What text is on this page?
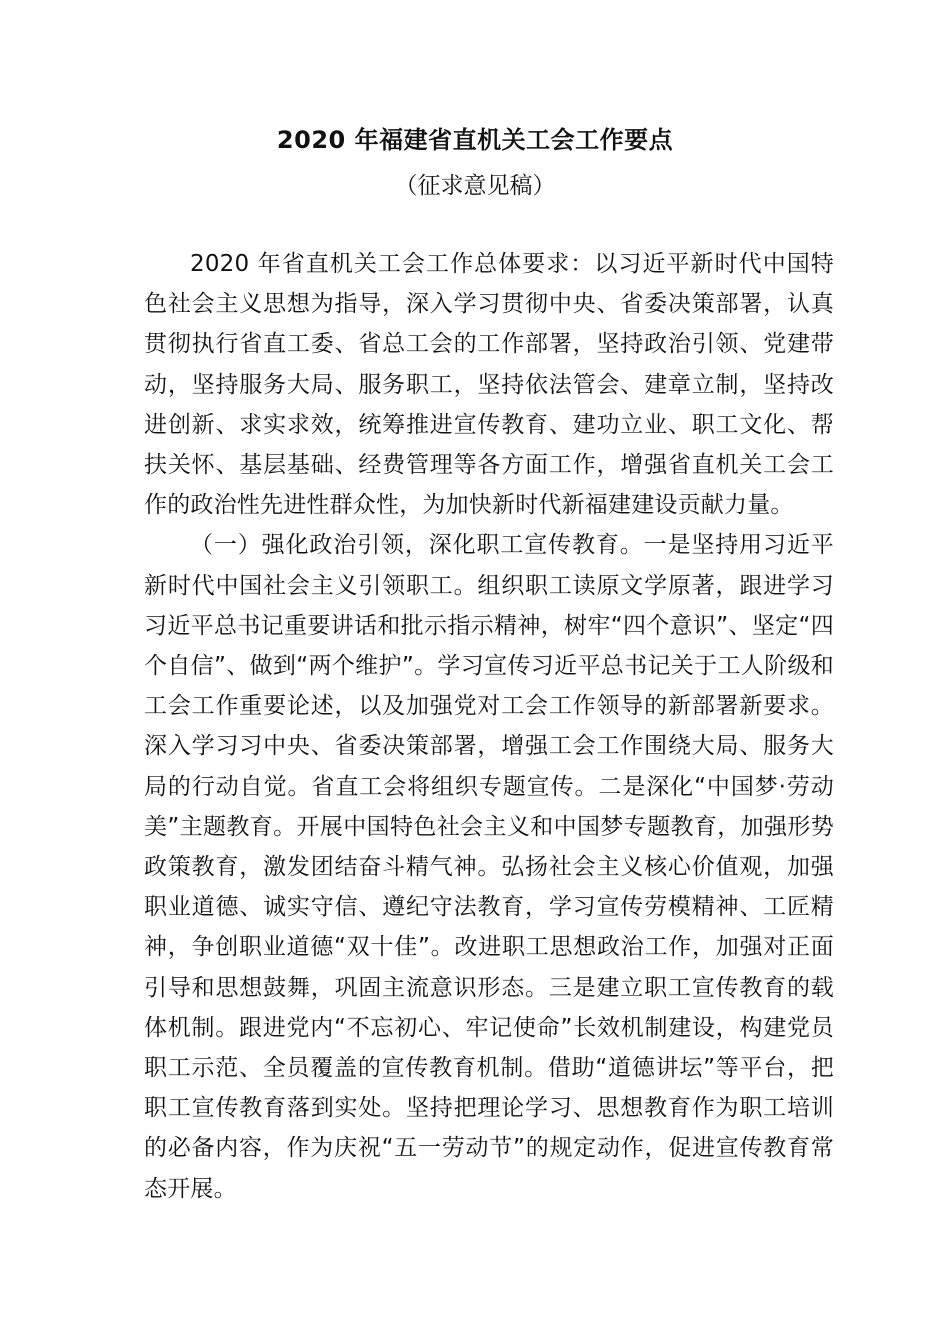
2020 年福建省直机关工会工作要点
（征求意见稿）

2020 年省直机关工会工作总体要求：以习近平新时代中国特色社会主义思想为指导，深入学习贯彻中央、省委决策部署，认真贯彻执行省直工委、省总工会的工作部署，坚持政治引领、党建带动，坚持服务大局、服务职工，坚持依法管会、建章立制，坚持改进创新、求实求效，统筹推进宣传教育、建功立业、职工文化、帮扶关怀、基层基础、经费管理等各方面工作，增强省直机关工会工作的政治性先进性群众性，为加快新时代新福建建设贡献力量。

（一）强化政治引领，深化职工宣传教育。一是坚持用习近平新时代中国社会主义引领职工。组织职工读原文学原著，跟进学习习近平总书记重要讲话和批示指示精神，树牢“四个意识”、坚定“四个自信”、做到“两个维护”。学习宣传习近平总书记关于工人阶级和工会工作重要论述，以及加强党对工会工作领导的新部署新要求。深入学习习中央、省委决策部署，增强工会工作围绕大局、服务大局的行动自觉。省直工会将组织专题宣传。二是深化“中国梦·劳动美”主题教育。开展中国特色社会主义和中国梦专题教育，加强形势政策教育，激发团结奋斗精气神。弘扬社会主义核心价值观，加强职业道德、诚实守信、遵纪守法教育，学习宣传劳模精神、工匠精神，争创职业道德“双十佳”。改进职工思想政治工作，加强对正面引导和思想鼓舞，巩固主流意识形态。三是建立职工宣传教育的载体机制。跟进党内“不忘初心、牢记使命”长效机制建设，构建党员职工示范、全员覆盖的宣传教育机制。借助“道德讲坛”等平台，把职工宣传教育落到实处。坚持把理论学习、思想教育作为职工培训的必备内容，作为庆祝“五一劳动节”的规定动作，促进宣传教育常态开展。
